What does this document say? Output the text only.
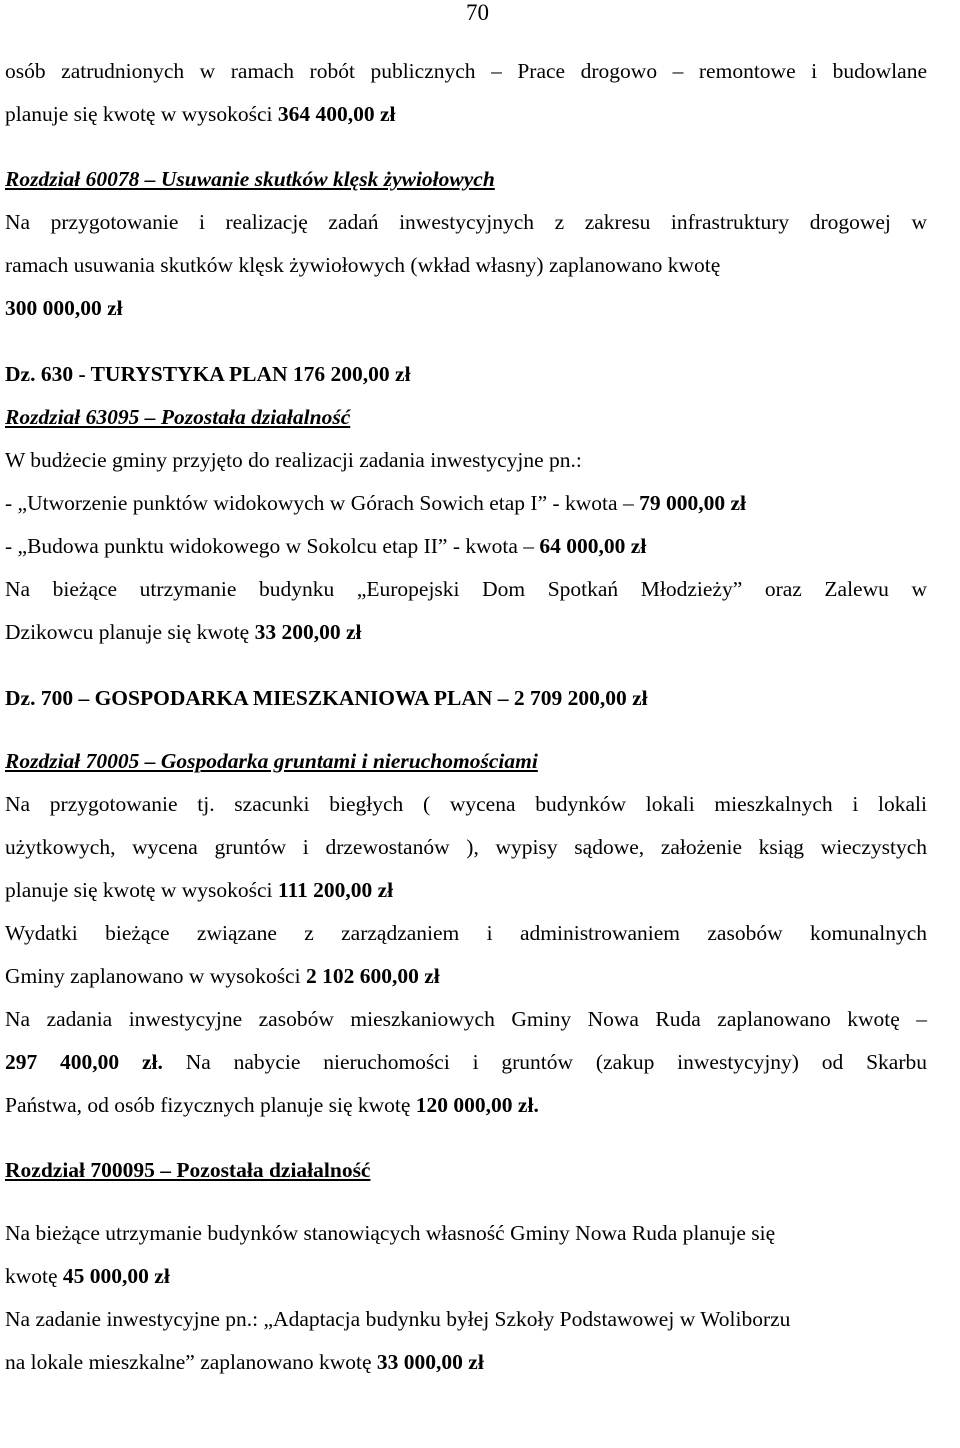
70
osób zatrudnionych w ramach robót publicznych – Prace drogowo – remontowe i budowlane
planuje się kwotę w wysokości 364 400,00 zł
Rozdział 60078 – Usuwanie skutków klęsk żywiołowych
Na przygotowanie i realizację zadań inwestycyjnych z zakresu infrastruktury drogowej w
ramach usuwania skutków klęsk żywiołowych (wkład własny) zaplanowano kwotę
300 000,00 zł
Dz. 630 - TURYSTYKA PLAN 176 200,00 zł
Rozdział 63095 – Pozostała działalność
W budżecie gminy przyjęto do realizacji zadania inwestycyjne pn.:
- „Utworzenie punktów widokowych w Górach Sowich etap I” - kwota – 79 000,00 zł
- „Budowa punktu widokowego w Sokolcu etap II” - kwota – 64 000,00 zł
Na bieżące utrzymanie budynku „Europejski Dom Spotkań Młodzieży” oraz Zalewu w
Dzikowcu planuje się kwotę 33 200,00 zł
Dz. 700 – GOSPODARKA MIESZKANIOWA PLAN – 2 709 200,00 zł
Rozdział 70005 – Gospodarka gruntami i nieruchomościami
Na przygotowanie tj. szacunki biegłych ( wycena budynków lokali mieszkalnych i lokali
użytkowych, wycena gruntów i drzewostanów ), wypisy sądowe, założenie ksiąg wieczystych
planuje się kwotę w wysokości 111 200,00 zł
Wydatki bieżące związane z zarządzaniem i administrowaniem zasobów komunalnych
Gminy zaplanowano w wysokości 2 102 600,00 zł
Na zadania inwestycyjne zasobów mieszkaniowych Gminy Nowa Ruda zaplanowano kwotę –
297 400,00 zł. Na nabycie nieruchomości i gruntów (zakup inwestycyjny) od Skarbu
Państwa, od osób fizycznych planuje się kwotę 120 000,00 zł.
Rozdział 700095 – Pozostała działalność
Na bieżące utrzymanie budynków stanowiących własność Gminy Nowa Ruda planuje się
kwotę 45 000,00 zł
Na zadanie inwestycyjne pn.: „Adaptacja budynku byłej Szkoły Podstawowej w Woliborzu
na lokale mieszkalne” zaplanowano kwotę 33 000,00 zł
